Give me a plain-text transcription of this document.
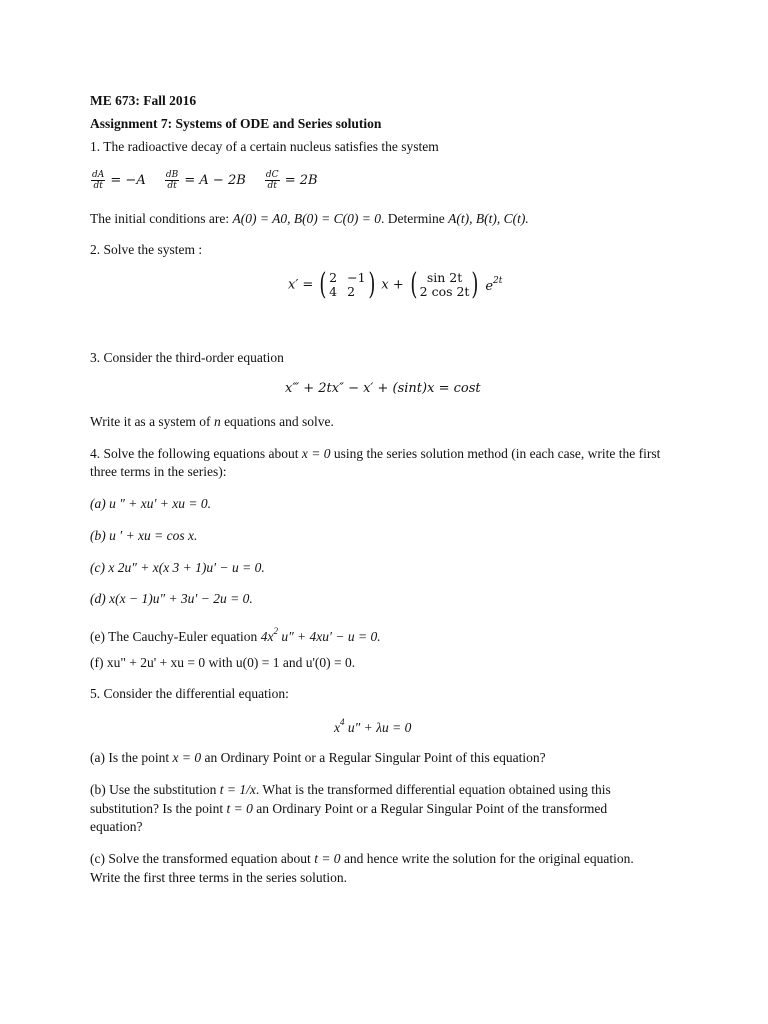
ME 673: Fall 2016
Assignment 7: Systems of ODE and Series solution
1. The radioactive decay of a certain nucleus satisfies the system
$\frac{dA}{dt} = -A \frac{dB}{dt} = A - 2B \frac{dC}{dt} = 2B$
The initial conditions are: A(0) = A0, B(0) = C(0) = 0. Determine A(t), B(t), C(t).
2. Solve the system :
x′ = ( 2 −1
4 2 ) x + ( sin 2t
2 cos 2t ) $e^{2t}$
3. Consider the third-order equation
x‴ + 2tx″ − x′ + (sint)x = cost
Write it as a system of n equations and solve.
4. Solve the following equations about x = 0 using the series solution method (in each case, write the first
three terms in the series):
(a) u ″ + xu′ + xu = 0.
(b) u ′ + xu = cos x.
(c) x 2u″ + x(x 3 + 1)u′ − u = 0.
(d) x(x − 1)u″ + 3u′ − 2u = 0.
(e) The Cauchy-Euler equation $4x^2$ u″ + 4xu′ − u = 0.
(f) xu" + 2u' + xu = 0 with u(0) = 1 and u'(0) = 0.
5. Consider the differential equation:
$x^4$ u″ + λu = 0
(a) Is the point x = 0 an Ordinary Point or a Regular Singular Point of this equation?
(b) Use the substitution t = 1/x. What is the transformed differential equation obtained using this
substitution? Is the point t = 0 an Ordinary Point or a Regular Singular Point of the transformed
equation?
(c) Solve the transformed equation about t = 0 and hence write the solution for the original equation.
Write the first three terms in the series solution.
